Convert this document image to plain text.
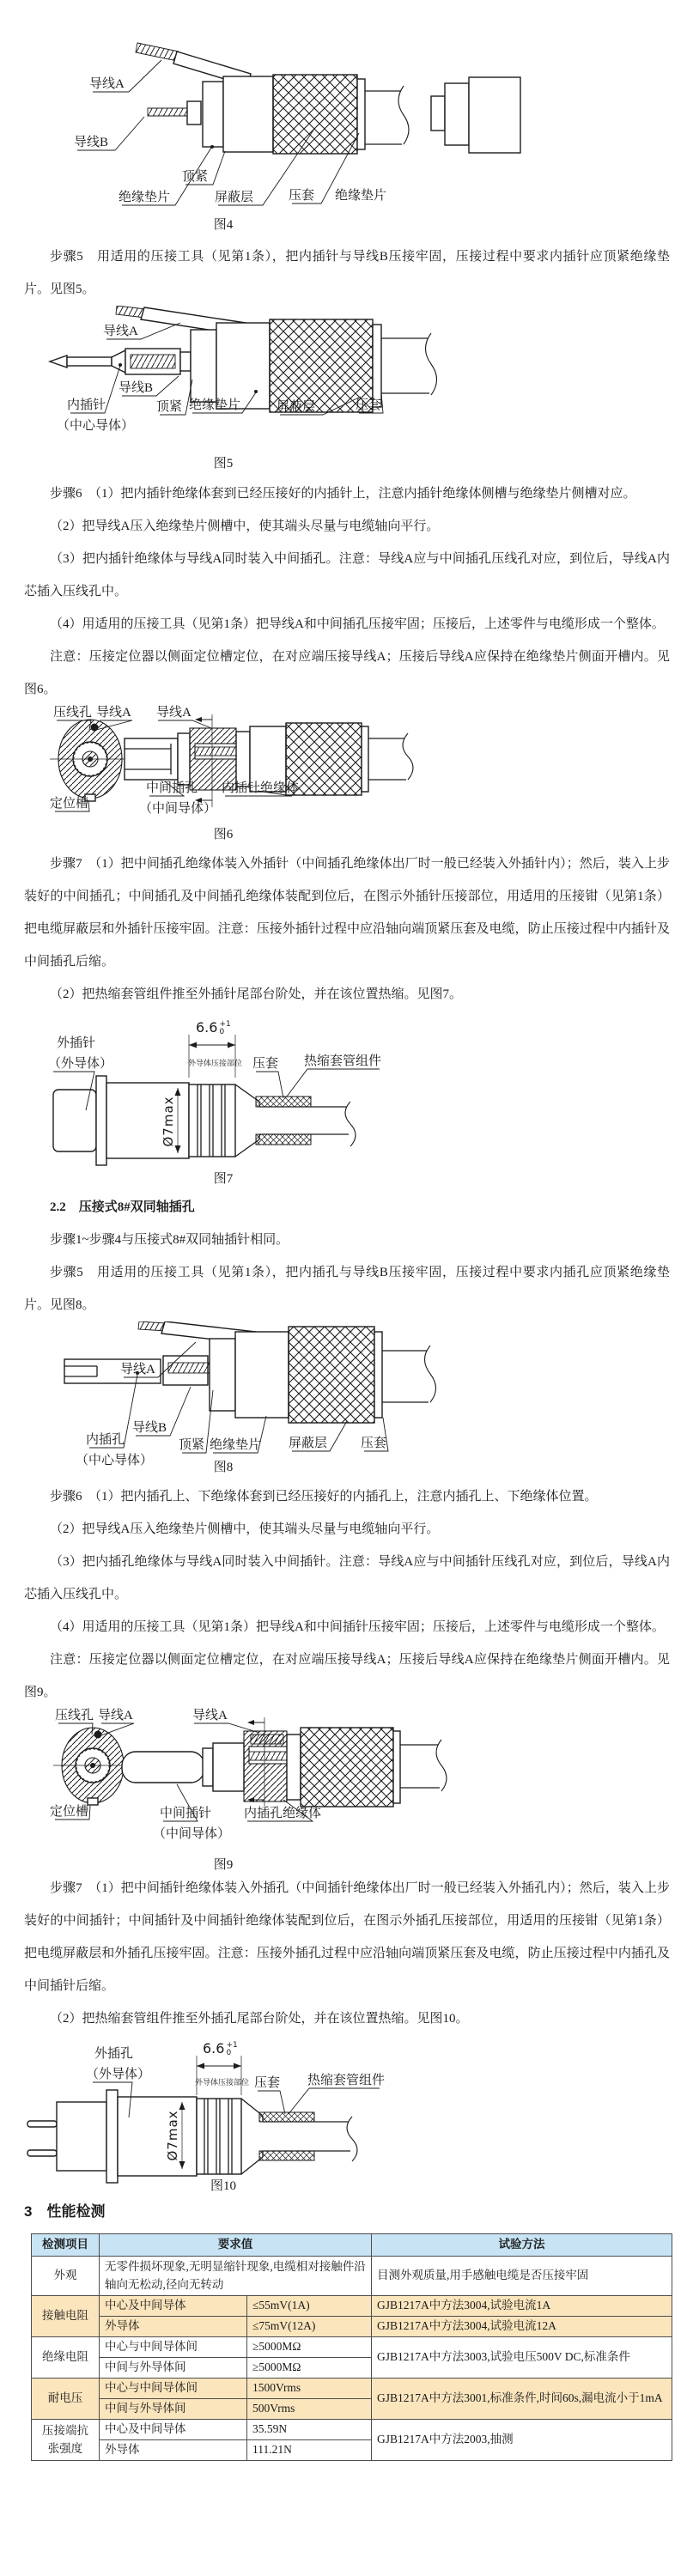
导线A
导线B
绝缘垫片
顶紧
屏蔽层	压套 绝缘垫片
图4

步骤5　用适用的压接工具（见第1条），把内插针与导线B压接牢固，压接过程中要求内插针应顶紧绝缘垫片。见图5。

导线A
导线B
内插针
（中心导体）
顶紧 绝缘垫片	屏蔽层	压套
图5

步骤6　（1）把内插针绝缘体套到已经压接好的内插针上，注意内插针绝缘体侧槽与绝缘垫片侧槽对应。

（2）把导线A压入绝缘垫片侧槽中，使其端头尽量与电缆轴向平行。

（3）把内插针绝缘体与导线A同时装入中间插孔。注意：导线A应与中间插孔压线孔对应，到位后，导线A内芯插入压线孔中。

（4）用适用的压接工具（见第1条）把导线A和中间插孔压接牢固；压接后，上述零件与电缆形成一个整体。

注意：压接定位器以侧面定位槽定位，在对应端压接导线A；压接后导线A应保持在绝缘垫片侧面开槽内。见图6。

压线孔 导线A 导线A
定位槽
中间插孔
（中间导体）
内插针绝缘体
图6

步骤7　（1）把中间插孔绝缘体装入外插针（中间插孔绝缘体出厂时一般已经装入外插针内）；然后，装入上步装好的中间插孔；中间插孔及中间插孔绝缘体装配到位后，在图示外插针压接部位，用适用的压接钳（见第1条）把电缆屏蔽层和外插针压接牢固。注意：压接外插针过程中应沿轴向端顶紧压套及电缆，防止压接过程中内插针及中间插孔后缩。

（2）把热缩套管组件推至外插针尾部台阶处，并在该位置热缩。见图7。

外插针
（外导体）
6.6 +1
0
外导体压接部位 压套 热缩套管组件
Ø7max
图7

2.2　压接式8#双同轴插孔

步骤1~步骤4与压接式8#双同轴插针相同。

步骤5　用适用的压接工具（见第1条），把内插孔与导线B压接牢固，压接过程中要求内插孔应顶紧绝缘垫片。见图8。

导线A
导线B
内插孔
（中心导体）
顶紧 绝缘垫片 屏蔽层	压套
图8

步骤6　（1）把内插孔上、下绝缘体套到已经压接好的内插孔上，注意内插孔上、下绝缘体位置。

（2）把导线A压入绝缘垫片侧槽中，使其端头尽量与电缆轴向平行。

（3）把内插孔绝缘体与导线A同时装入中间插针。注意：导线A应与中间插针压线孔对应，到位后，导线A内芯插入压线孔中。

（4）用适用的压接工具（见第1条）把导线A和中间插针压接牢固；压接后，上述零件与电缆形成一个整体。

注意：压接定位器以侧面定位槽定位，在对应端压接导线A；压接后导线A应保持在绝缘垫片侧面开槽内。见图9。

压线孔 导线A	导线A
定位槽	中间插针
（中间导体）
内插孔绝缘体
图9

步骤7　（1）把中间插针绝缘体装入外插孔（中间插针绝缘体出厂时一般已经装入外插孔内）；然后，装入上步装好的中间插针；中间插针及中间插针绝缘体装配到位后，在图示外插孔压接部位，用适用的压接钳（见第1条）把电缆屏蔽层和外插孔压接牢固。注意：压接外插孔过程中应沿轴向端顶紧压套及电缆，防止压接过程中内插孔及中间插针后缩。

（2）把热缩套管组件推至外插孔尾部台阶处，并在该位置热缩。见图10。

外插孔
（外导体）
6.6 +1
0
外导体压接部位 压套 热缩套管组件
Ø7max
图10
3　性能检测
检测项目	要求值		试验方法
外观	无零件损坏现象,无明显缩针现象,电缆相对接触件沿轴向无松动,径向无转动		目测外观质量,用手感触电缆是否压接牢固
接触电阻	中心及中间导体	≤55mV(1A)	GJB1217A中方法3004,试验电流1A
	外导体	≤75mV(12A)	GJB1217A中方法3004,试验电流12A
绝缘电阻	中心与中间导体间	≥5000MΩ	GJB1217A中方法3003,试验电压500V DC,标准条件
	中间与外导体间	≥5000MΩ	
耐电压	中心与中间导体间	1500Vrms	GJB1217A中方法3001,标准条件,时间60s,漏电流小于1mA
	中间与外导体间	500Vrms	
压接端抗张强度	中心及中间导体	35.59N	GJB1217A中方法2003,抽测
	外导体	111.21N	
